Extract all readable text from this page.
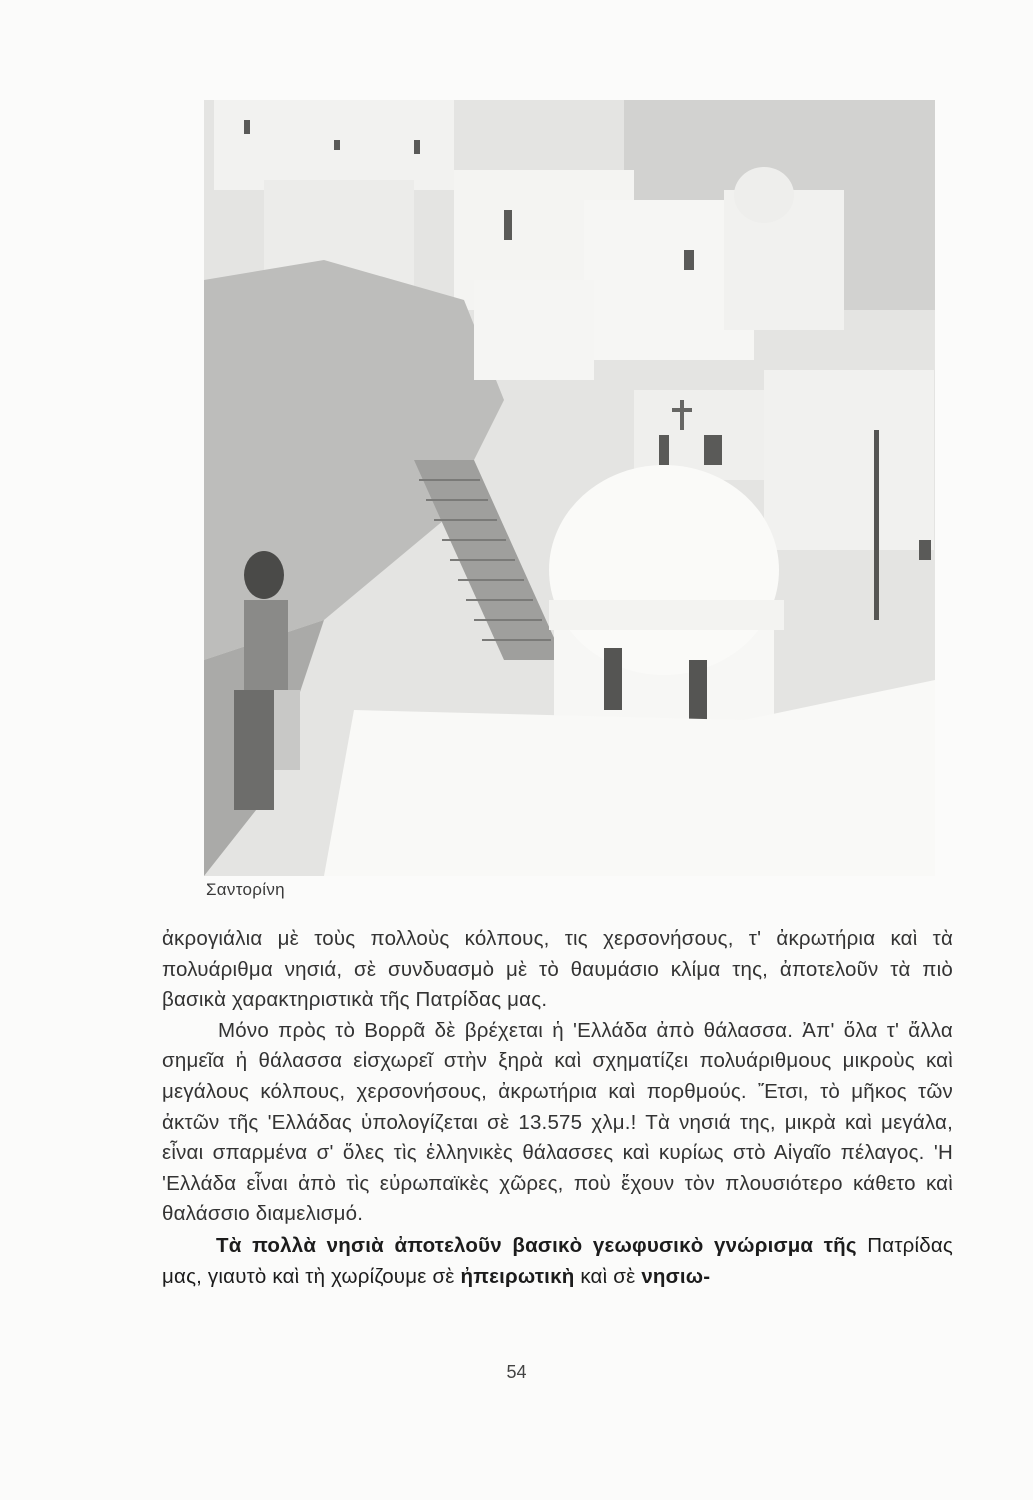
Σαντορίνη

ἀκρογιάλια μὲ τοὺς πολλοὺς κόλπους, τις χερσονήσους, τ' ἀκρωτήρια καὶ τὰ πολυάριθμα νησιά, σὲ συνδυασμὸ μὲ τὸ θαυμάσιο κλίμα της, ἀποτελοῦν τὰ πιὸ βασικὰ χαρακτηριστικὰ τῆς Πατρίδας μας.

Μόνο πρὸς τὸ Βορρᾶ δὲ βρέχεται ἡ 'Ελλάδα ἀπὸ θάλασσα. Ἀπ' ὅλα τ' ἄλλα σημεῖα ἡ θάλασσα εἰσχωρεῖ στὴν ξηρὰ καὶ σχηματίζει πολυάριθμους μικροὺς καὶ μεγάλους κόλπους, χερσονήσους, ἀκρωτήρια καὶ πορθμούς. Ἔτσι, τὸ μῆκος τῶν ἀκτῶν τῆς 'Ελλάδας ὑπολογίζεται σὲ 13.575 χλμ.! Τὰ νησιά της, μικρὰ καὶ μεγάλα, εἶναι σπαρμένα σ' ὅλες τὶς ἑλληνικὲς θάλασσες καὶ κυρίως στὸ Αἰγαῖο πέλαγος. 'Η 'Ελλάδα εἶναι ἀπὸ τὶς εὐρωπαϊκὲς χῶρες, ποὺ ἔχουν τὸν πλουσιότερο κάθετο καὶ θαλάσσιο διαμελισμό.

Τὰ πολλὰ νησιὰ ἀποτελοῦν βασικὸ γεωφυσικὸ γνώρισμα τῆς Πατρίδας μας, γιαυτὸ καὶ τὴ χωρίζουμε σὲ ἠπειρωτικὴ καὶ σὲ νησιω-

54
